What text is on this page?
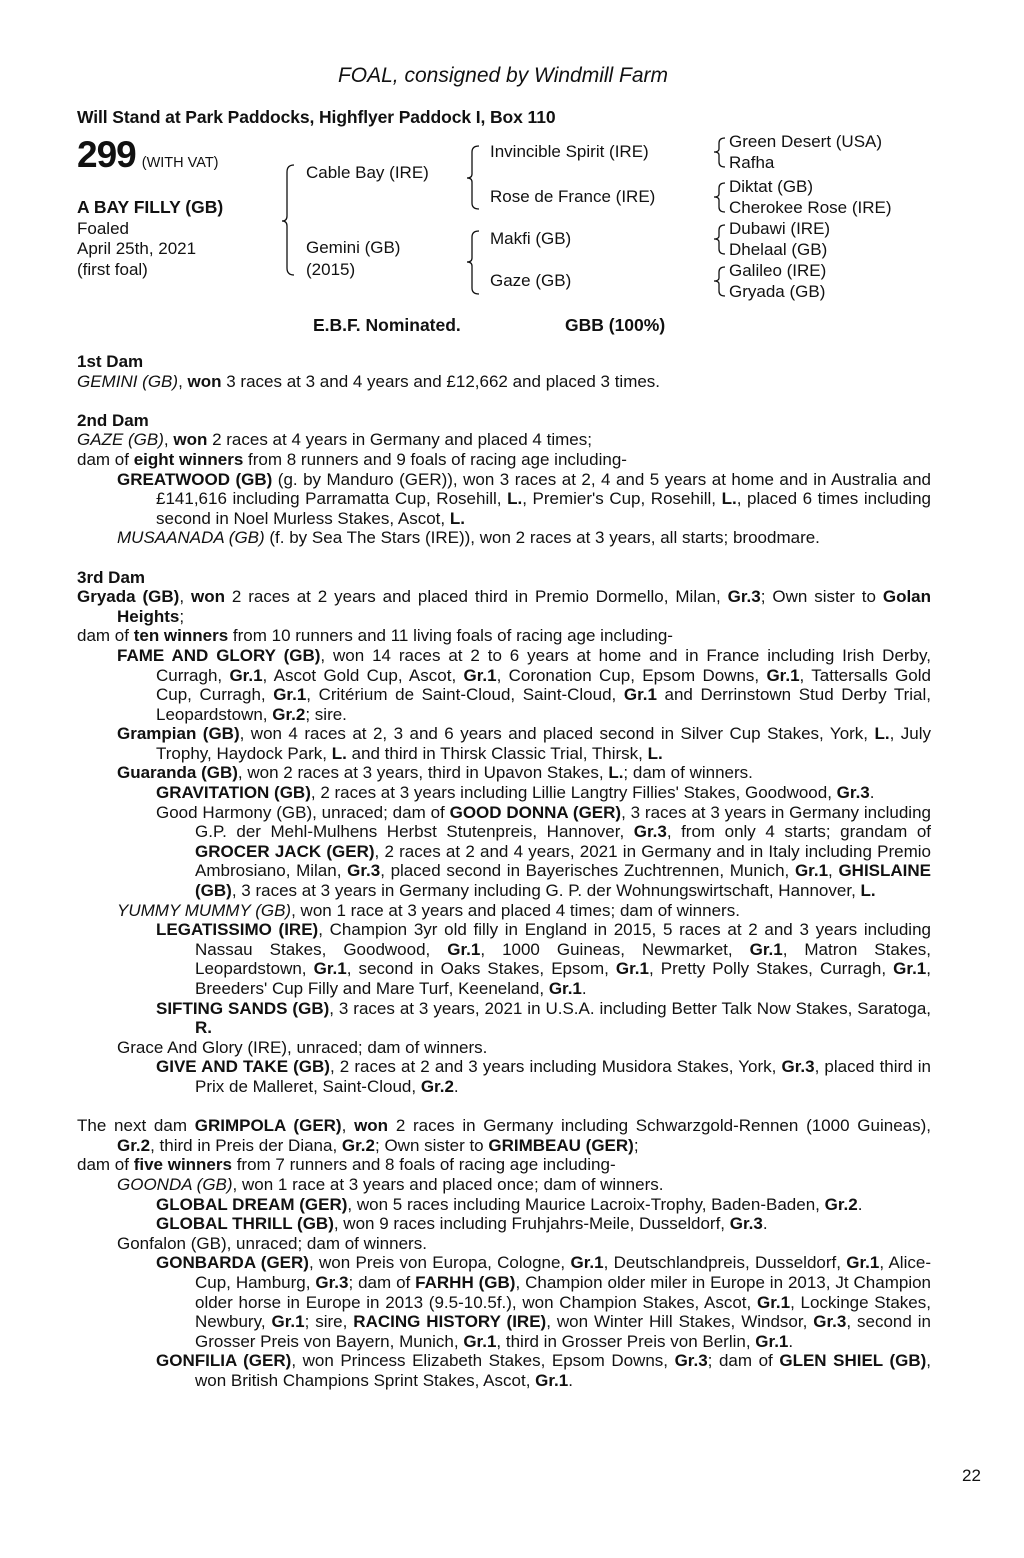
FOAL, consigned by Windmill Farm
Will Stand at Park Paddocks, Highflyer Paddock I, Box 110
299 (WITH VAT)
A BAY FILLY (GB)
Foaled
April 25th, 2021
(first foal)
Cable Bay (IRE)
Gemini (GB)
(2015)
Invincible Spirit (IRE)
Rose de France (IRE)
Makfi (GB)
Gaze (GB)
Green Desert (USA)
Rafha
Diktat (GB)
Cherokee Rose (IRE)
Dubawi (IRE)
Dhelaal (GB)
Galileo (IRE)
Gryada (GB)
E.B.F. Nominated.	GBB (100%)
1st Dam
GEMINI (GB), won 3 races at 3 and 4 years and £12,662 and placed 3 times.
2nd Dam
GAZE (GB), won 2 races at 4 years in Germany and placed 4 times;
dam of eight winners from 8 runners and 9 foals of racing age including-
GREATWOOD (GB) (g. by Manduro (GER)), won 3 races at 2, 4 and 5 years at home and in Australia and £141,616 including Parramatta Cup, Rosehill, L., Premier's Cup, Rosehill, L., placed 6 times including second in Noel Murless Stakes, Ascot, L.
MUSAANADA (GB) (f. by Sea The Stars (IRE)), won 2 races at 3 years, all starts; broodmare.
3rd Dam
Gryada (GB), won 2 races at 2 years and placed third in Premio Dormello, Milan, Gr.3; Own sister to Golan Heights;
dam of ten winners from 10 runners and 11 living foals of racing age including-
FAME AND GLORY (GB), won 14 races at 2 to 6 years at home and in France including Irish Derby, Curragh, Gr.1, Ascot Gold Cup, Ascot, Gr.1, Coronation Cup, Epsom Downs, Gr.1, Tattersalls Gold Cup, Curragh, Gr.1, Critérium de Saint-Cloud, Saint-Cloud, Gr.1 and Derrinstown Stud Derby Trial, Leopardstown, Gr.2; sire.
Grampian (GB), won 4 races at 2, 3 and 6 years and placed second in Silver Cup Stakes, York, L., July Trophy, Haydock Park, L. and third in Thirsk Classic Trial, Thirsk, L.
Guaranda (GB), won 2 races at 3 years, third in Upavon Stakes, L.; dam of winners.
GRAVITATION (GB), 2 races at 3 years including Lillie Langtry Fillies' Stakes, Goodwood, Gr.3.
Good Harmony (GB), unraced; dam of GOOD DONNA (GER), 3 races at 3 years in Germany including G.P. der Mehl-Mulhens Herbst Stutenpreis, Hannover, Gr.3, from only 4 starts; grandam of GROCER JACK (GER), 2 races at 2 and 4 years, 2021 in Germany and in Italy including Premio Ambrosiano, Milan, Gr.3, placed second in Bayerisches Zuchtrennen, Munich, Gr.1, GHISLAINE (GB), 3 races at 3 years in Germany including G. P. der Wohnungswirtschaft, Hannover, L.
YUMMY MUMMY (GB), won 1 race at 3 years and placed 4 times; dam of winners.
LEGATISSIMO (IRE), Champion 3yr old filly in England in 2015, 5 races at 2 and 3 years including Nassau Stakes, Goodwood, Gr.1, 1000 Guineas, Newmarket, Gr.1, Matron Stakes, Leopardstown, Gr.1, second in Oaks Stakes, Epsom, Gr.1, Pretty Polly Stakes, Curragh, Gr.1, Breeders' Cup Filly and Mare Turf, Keeneland, Gr.1.
SIFTING SANDS (GB), 3 races at 3 years, 2021 in U.S.A. including Better Talk Now Stakes, Saratoga, R.
Grace And Glory (IRE), unraced; dam of winners.
GIVE AND TAKE (GB), 2 races at 2 and 3 years including Musidora Stakes, York, Gr.3, placed third in Prix de Malleret, Saint-Cloud, Gr.2.
The next dam GRIMPOLA (GER), won 2 races in Germany including Schwarzgold-Rennen (1000 Guineas), Gr.2, third in Preis der Diana, Gr.2; Own sister to GRIMBEAU (GER);
dam of five winners from 7 runners and 8 foals of racing age including-
GOONDA (GB), won 1 race at 3 years and placed once; dam of winners.
GLOBAL DREAM (GER), won 5 races including Maurice Lacroix-Trophy, Baden-Baden, Gr.2.
GLOBAL THRILL (GB), won 9 races including Fruhjahrs-Meile, Dusseldorf, Gr.3.
Gonfalon (GB), unraced; dam of winners.
GONBARDA (GER), won Preis von Europa, Cologne, Gr.1, Deutschlandpreis, Dusseldorf, Gr.1, Alice-Cup, Hamburg, Gr.3; dam of FARHH (GB), Champion older miler in Europe in 2013, Jt Champion older horse in Europe in 2013 (9.5-10.5f.), won Champion Stakes, Ascot, Gr.1, Lockinge Stakes, Newbury, Gr.1; sire, RACING HISTORY (IRE), won Winter Hill Stakes, Windsor, Gr.3, second in Grosser Preis von Bayern, Munich, Gr.1, third in Grosser Preis von Berlin, Gr.1.
GONFILIA (GER), won Princess Elizabeth Stakes, Epsom Downs, Gr.3; dam of GLEN SHIEL (GB), won British Champions Sprint Stakes, Ascot, Gr.1.
22
